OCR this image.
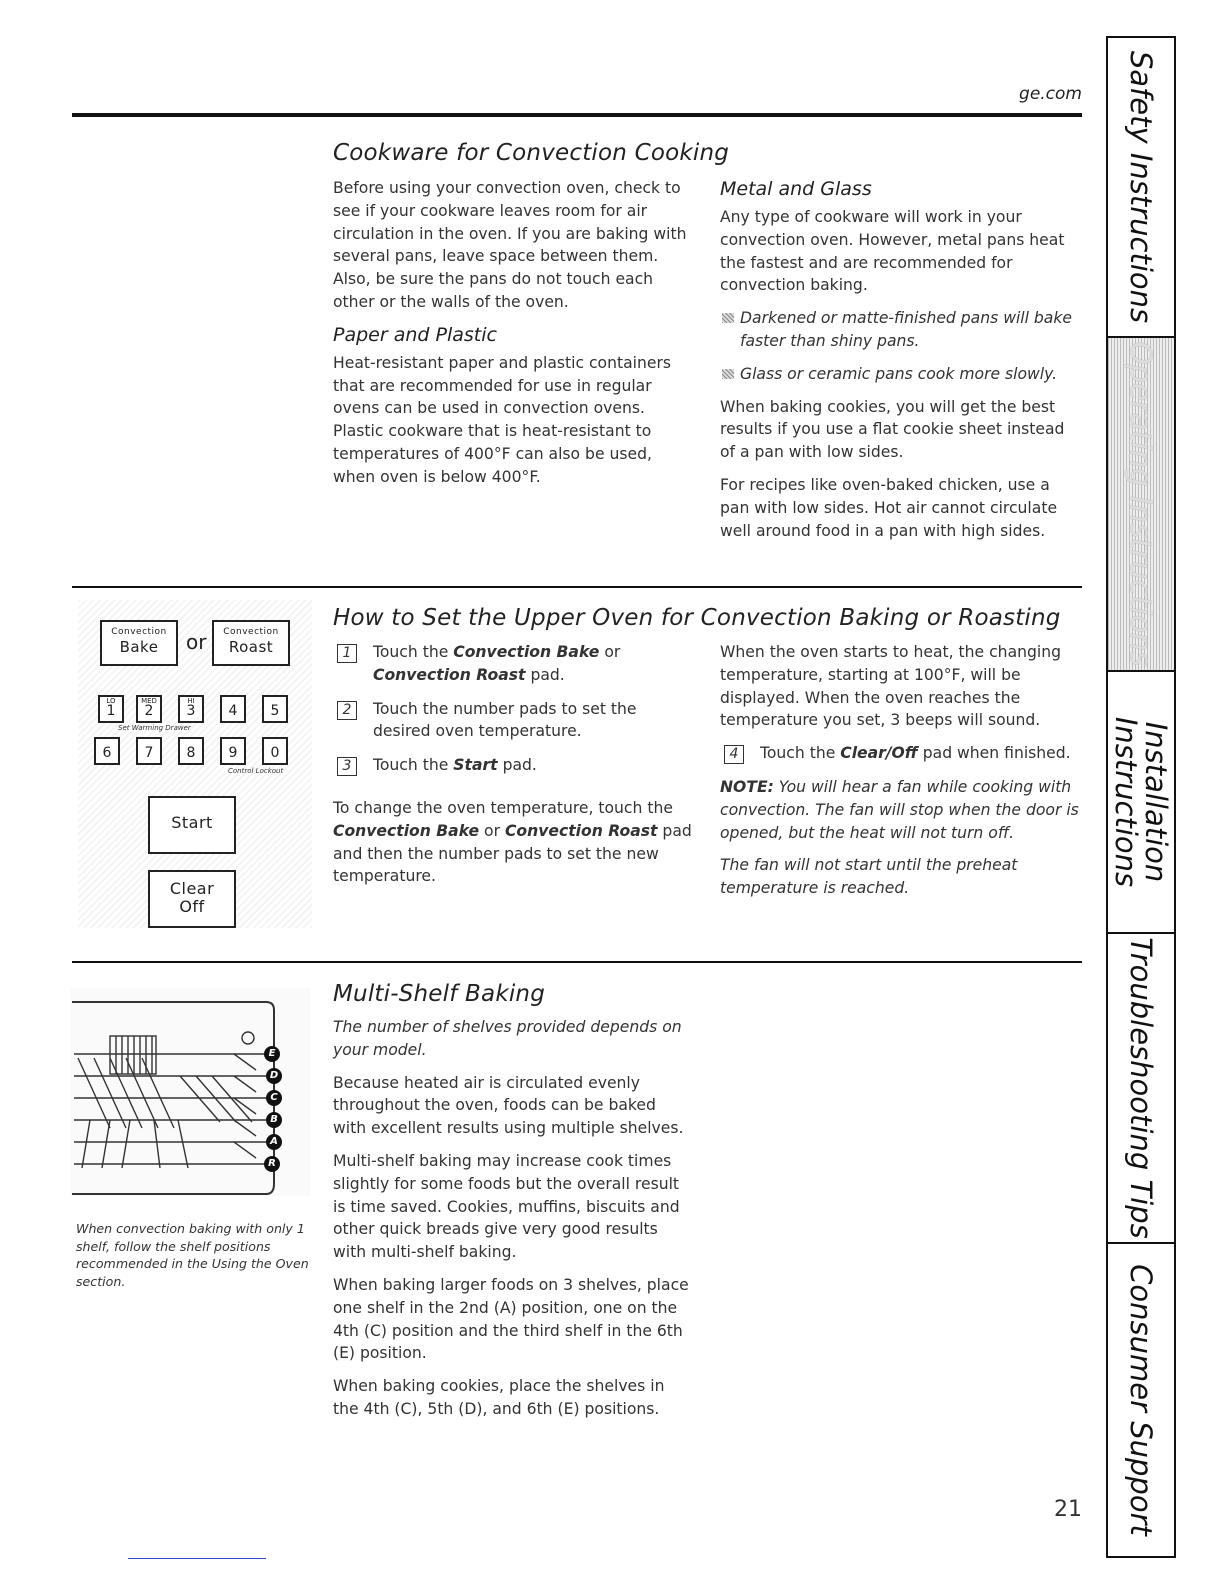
ge.com
Cookware for Convection Cooking

Before using your convection oven, check to see if your cookware leaves room for air circulation in the oven. If you are baking with several pans, leave space between them. Also, be sure the pans do not touch each other or the walls of the oven.

Paper and Plastic

Heat-resistant paper and plastic containers that are recommended for use in regular ovens can be used in convection ovens. Plastic cookware that is heat-resistant to temperatures of 400°F can also be used, when oven is below 400°F.

Metal and Glass

Any type of cookware will work in your convection oven. However, metal pans heat the fastest and are recommended for convection baking.

Darkened or matte-finished pans will bake faster than shiny pans.

Glass or ceramic pans cook more slowly.

When baking cookies, you will get the best results if you use a flat cookie sheet instead of a pan with low sides.

For recipes like oven-baked chicken, use a pan with low sides. Hot air cannot circulate well around food in a pan with high sides.

Convection
Bake	or	Convection
Roast
LO
1
MED
2
HI
3	4	5
Set Warming Drawer
6	7	8	9	0
Control Lockout
Start
Clear
Off
How to Set the Upper Oven for Convection Baking or Roasting

1	Touch the Convection Bake or Convection Roast pad.

2	Touch the number pads to set the desired oven temperature.

3	Touch the Start pad.

To change the oven temperature, touch the Convection Bake or Convection Roast pad and then the number pads to set the new temperature.

When the oven starts to heat, the changing temperature, starting at 100°F, will be displayed. When the oven reaches the temperature you set, 3 beeps will sound.

4	Touch the Clear/Off pad when finished.

NOTE: You will hear a fan while cooking with convection. The fan will stop when the door is opened, but the heat will not turn off.

The fan will not start until the preheat temperature is reached.

E
D
C
B
A
R
When convection baking with only 1 shelf, follow the shelf positions recommended in the Using the Oven section.
Multi-Shelf Baking

The number of shelves provided depends on your model.

Because heated air is circulated evenly throughout the oven, foods can be baked with excellent results using multiple shelves.

Multi-shelf baking may increase cook times slightly for some foods but the overall result is time saved. Cookies, muffins, biscuits and other quick breads give very good results with multi-shelf baking.

When baking larger foods on 3 shelves, place one shelf in the 2nd (A) position, one on the 4th (C) position and the third shelf in the 6th (E) position.

When baking cookies, place the shelves in the 4th (C), 5th (D), and 6th (E) positions.

Safety Instructions
Operating Instructions
Installation Instructions
Troubleshooting Tips
Consumer Support
21
